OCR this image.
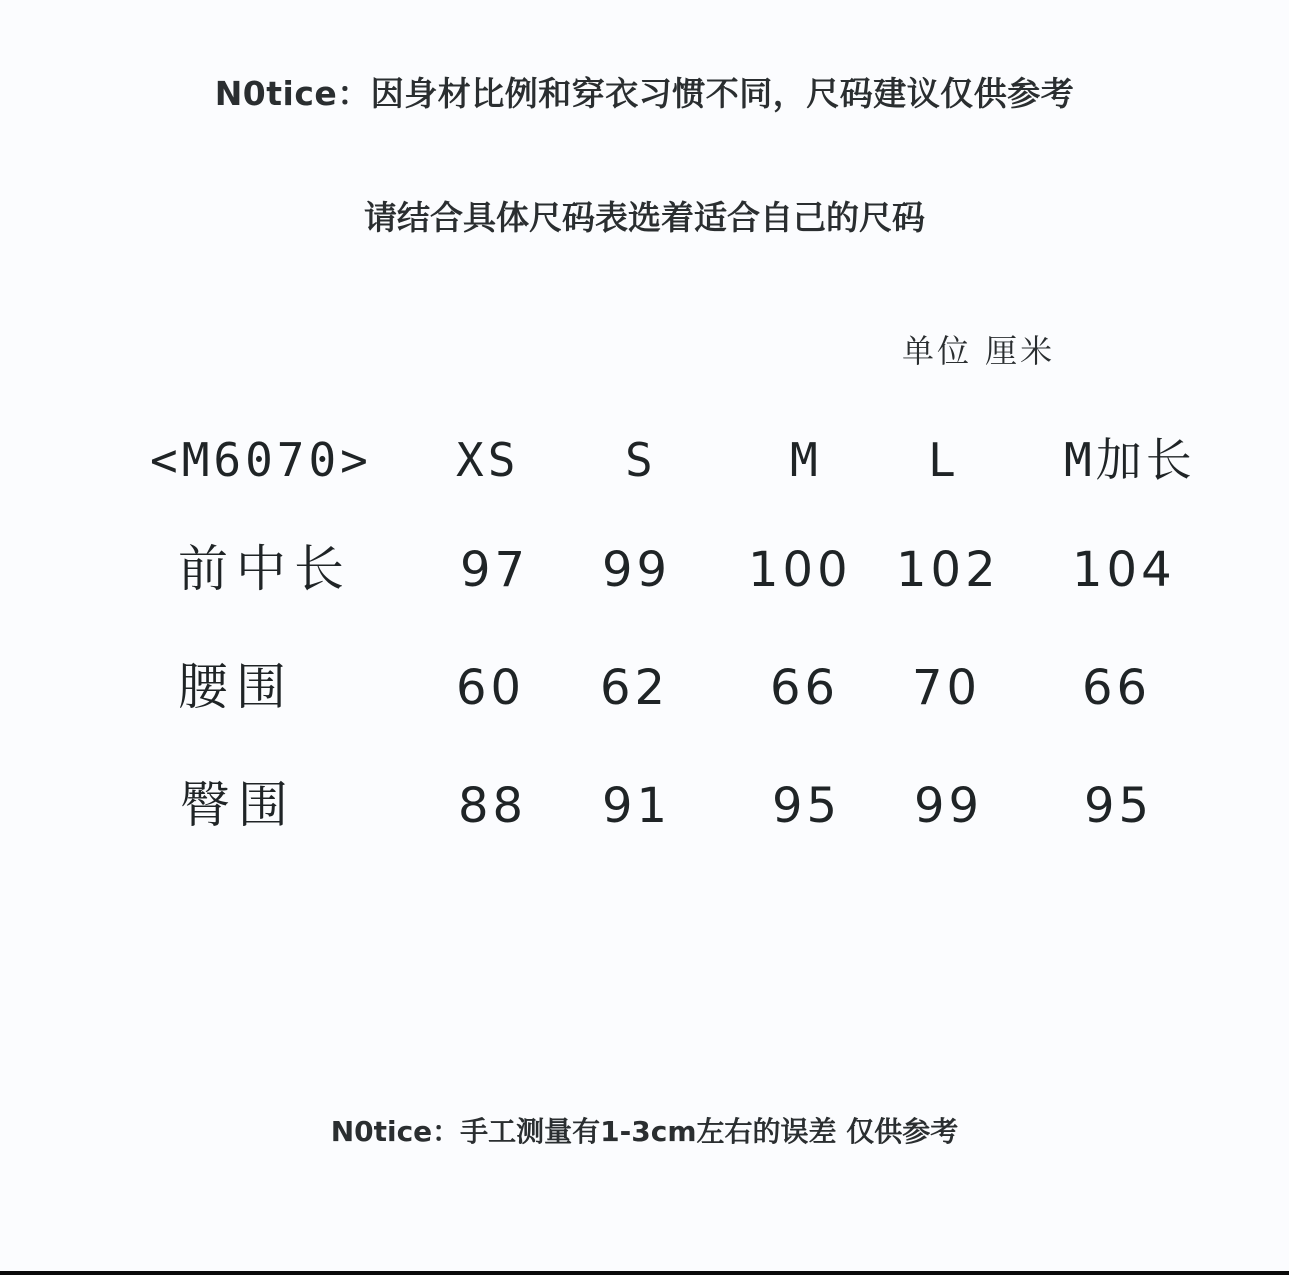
N0tice：因身材比例和穿衣习惯不同，尺码建议仅供参考
请结合具体尺码表选着适合自己的尺码
单位 厘米
<M6070> XS S	M L M加长
前中长 97 99 100 102 104
腰围	60 62 66 70 66
臀围	88 91 95 99 95
N0tice：手工测量有1-3cm左右的误差 仅供参考
